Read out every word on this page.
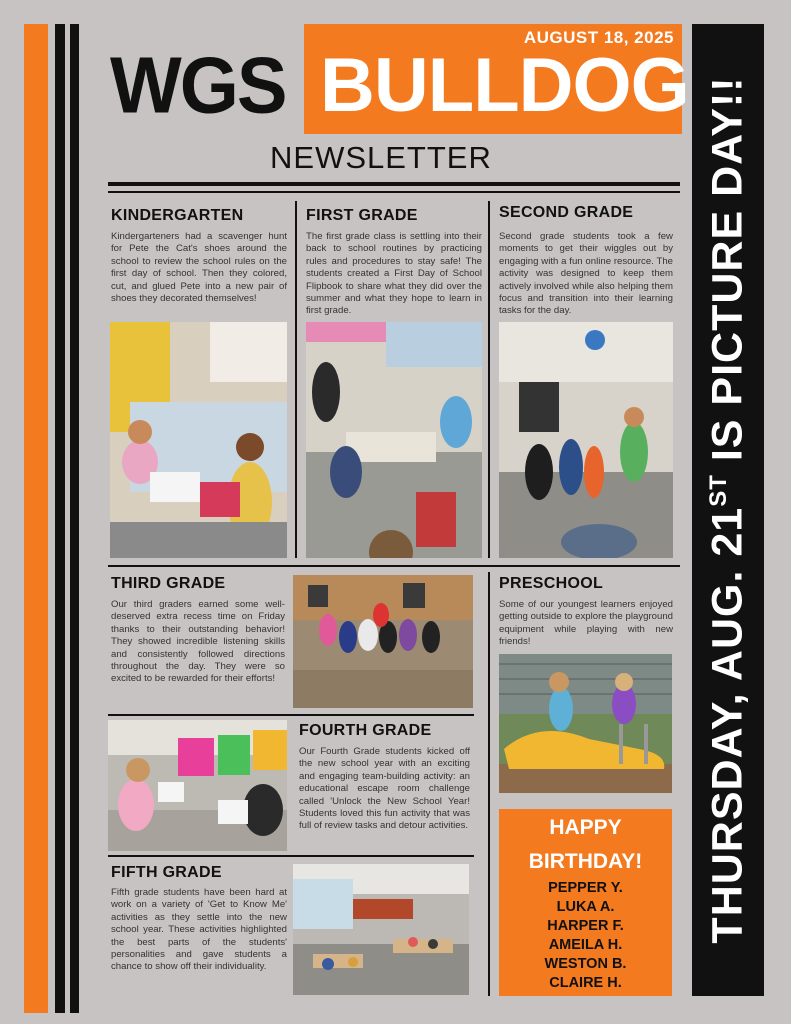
AUGUST 18, 2025
WGS BULLDOG
NEWSLETTER
THURSDAY, AUG. 21ST IS PICTURE DAY!!
KINDERGARTEN
Kindergarteners had a scavenger hunt for Pete the Cat's shoes around the school to review the school rules on the first day of school. Then they colored, cut, and glued Pete into a new pair of shoes they decorated themselves!
FIRST GRADE
The first grade class is settling into their back to school routines by practicing rules and procedures to stay safe! The students created a First Day of School Flipbook to share what they did over the summer and what they hope to learn in first grade.
SECOND GRADE
Second grade students took a few moments to get their wiggles out by engaging with a fun online resource. The activity was designed to keep them actively involved while also helping them focus and transition into their learning tasks for the day.
THIRD GRADE
Our third graders earned some well-deserved extra recess time on Friday thanks to their outstanding behavior! They showed incredible listening skills and consistently followed directions throughout the day. They were so excited to be rewarded for their efforts!
PRESCHOOL
Some of our youngest learners enjoyed getting outside to explore the playground equipment while playing with new friends!
FOURTH GRADE
Our Fourth Grade students kicked off the new school year with an exciting and engaging team-building activity: an educational escape room challenge called 'Unlock the New School Year! Students loved this fun activity that was full of review tasks and detour activities.
FIFTH GRADE
Fifth grade students have been hard at work on a variety of 'Get to Know Me' activities as they settle into the new school year. These activities highlighted the best parts of the students' personalities and gave students a chance to show off their individuality.
HAPPY
BIRTHDAY!
PEPPER Y.
LUKA A.
HARPER F.
AMEILA H.
WESTON B.
CLAIRE H.
